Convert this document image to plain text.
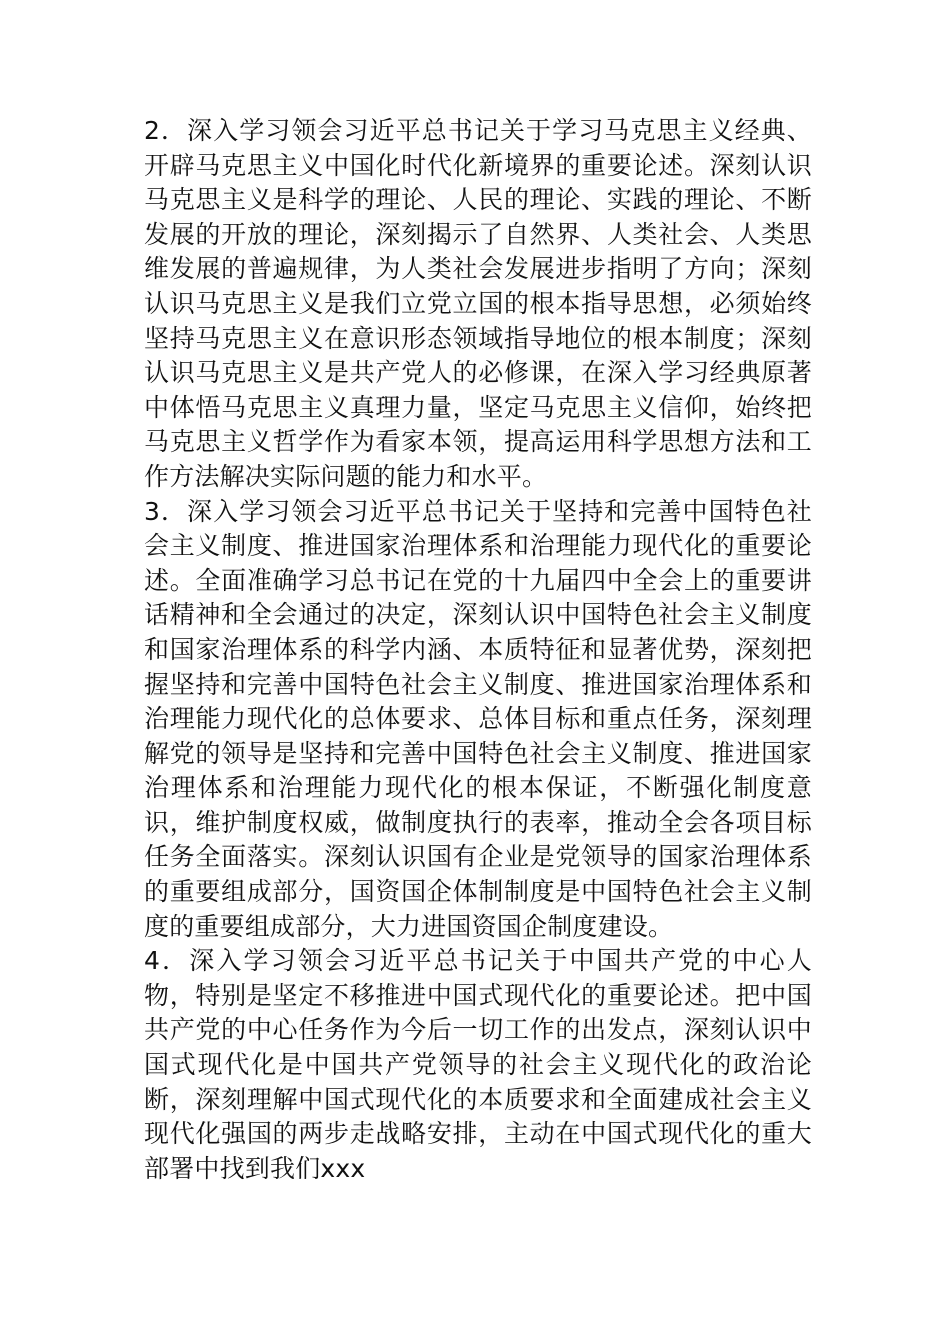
2．深入学习领会习近平总书记关于学习马克思主义经典、开辟马克思主义中国化时代化新境界的重要论述。深刻认识马克思主义是科学的理论、人民的理论、实践的理论、不断发展的开放的理论，深刻揭示了自然界、人类社会、人类思维发展的普遍规律，为人类社会发展进步指明了方向；深刻认识马克思主义是我们立党立国的根本指导思想，必须始终坚持马克思主义在意识形态领域指导地位的根本制度；深刻认识马克思主义是共产党人的必修课，在深入学习经典原著中体悟马克思主义真理力量，坚定马克思主义信仰，始终把马克思主义哲学作为看家本领，提高运用科学思想方法和工作方法解决实际问题的能力和水平。

3．深入学习领会习近平总书记关于坚持和完善中国特色社会主义制度、推进国家治理体系和治理能力现代化的重要论述。全面准确学习总书记在党的十九届四中全会上的重要讲话精神和全会通过的决定，深刻认识中国特色社会主义制度和国家治理体系的科学内涵、本质特征和显著优势，深刻把握坚持和完善中国特色社会主义制度、推进国家治理体系和治理能力现代化的总体要求、总体目标和重点任务，深刻理解党的领导是坚持和完善中国特色社会主义制度、推进国家治理体系和治理能力现代化的根本保证，不断强化制度意识，维护制度权威，做制度执行的表率，推动全会各项目标任务全面落实。深刻认识国有企业是党领导的国家治理体系的重要组成部分，国资国企体制制度是中国特色社会主义制度的重要组成部分，大力进国资国企制度建设。

4．深入学习领会习近平总书记关于中国共产党的中心人物，特别是坚定不移推进中国式现代化的重要论述。把中国共产党的中心任务作为今后一切工作的出发点，深刻认识中国式现代化是中国共产党领导的社会主义现代化的政治论断，深刻理解中国式现代化的本质要求和全面建成社会主义现代化强国的两步走战略安排，主动在中国式现代化的重大部署中找到我们xxx
